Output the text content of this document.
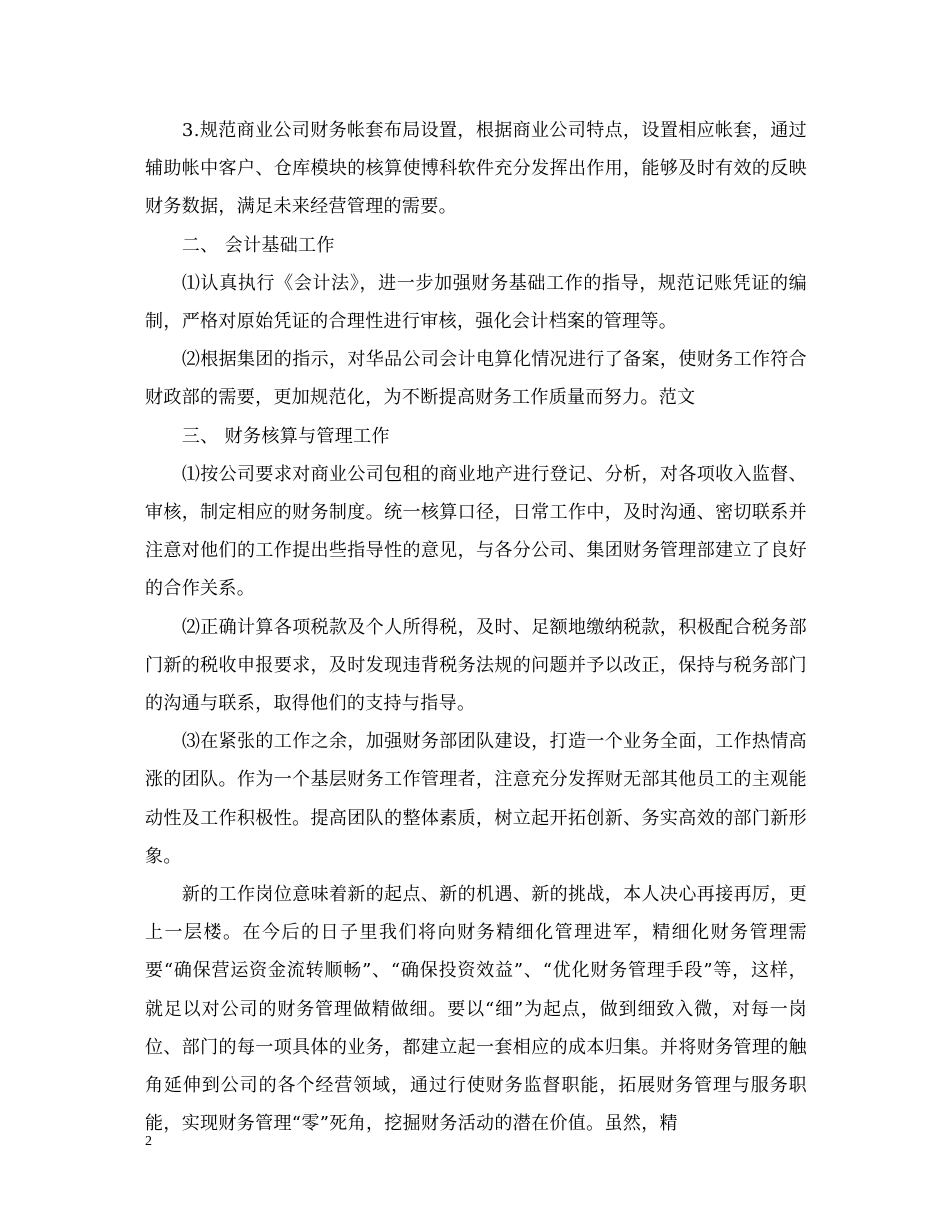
3.规范商业公司财务帐套布局设置，根据商业公司特点，设置相应帐套，通过辅助帐中客户、仓库模块的核算使博科软件充分发挥出作用，能够及时有效的反映财务数据，满足未来经营管理的需要。

二、 会计基础工作

⑴认真执行《会计法》，进一步加强财务基础工作的指导，规范记账凭证的编制，严格对原始凭证的合理性进行审核，强化会计档案的管理等。

⑵根据集团的指示，对华品公司会计电算化情况进行了备案，使财务工作符合财政部的需要，更加规范化，为不断提高财务工作质量而努力。范文

三、 财务核算与管理工作

⑴按公司要求对商业公司包租的商业地产进行登记、分析，对各项收入监督、审核，制定相应的财务制度。统一核算口径，日常工作中，及时沟通、密切联系并注意对他们的工作提出些指导性的意见，与各分公司、集团财务管理部建立了良好的合作关系。

⑵正确计算各项税款及个人所得税，及时、足额地缴纳税款，积极配合税务部门新的税收申报要求，及时发现违背税务法规的问题并予以改正，保持与税务部门的沟通与联系，取得他们的支持与指导。

⑶在紧张的工作之余，加强财务部团队建设，打造一个业务全面，工作热情高涨的团队。作为一个基层财务工作管理者，注意充分发挥财无部其他员工的主观能动性及工作积极性。提高团队的整体素质，树立起开拓创新、务实高效的部门新形象。

新的工作岗位意味着新的起点、新的机遇、新的挑战，本人决心再接再厉，更上一层楼。在今后的日子里我们将向财务精细化管理进军，精细化财务管理需要“确保营运资金流转顺畅”、“确保投资效益”、“优化财务管理手段”等，这样，就足以对公司的财务管理做精做细。要以“细”为起点，做到细致入微，对每一岗位、部门的每一项具体的业务，都建立起一套相应的成本归集。并将财务管理的触角延伸到公司的各个经营领域，通过行使财务监督职能，拓展财务管理与服务职能，实现财务管理“零”死角，挖掘财务活动的潜在价值。虽然，精

2
